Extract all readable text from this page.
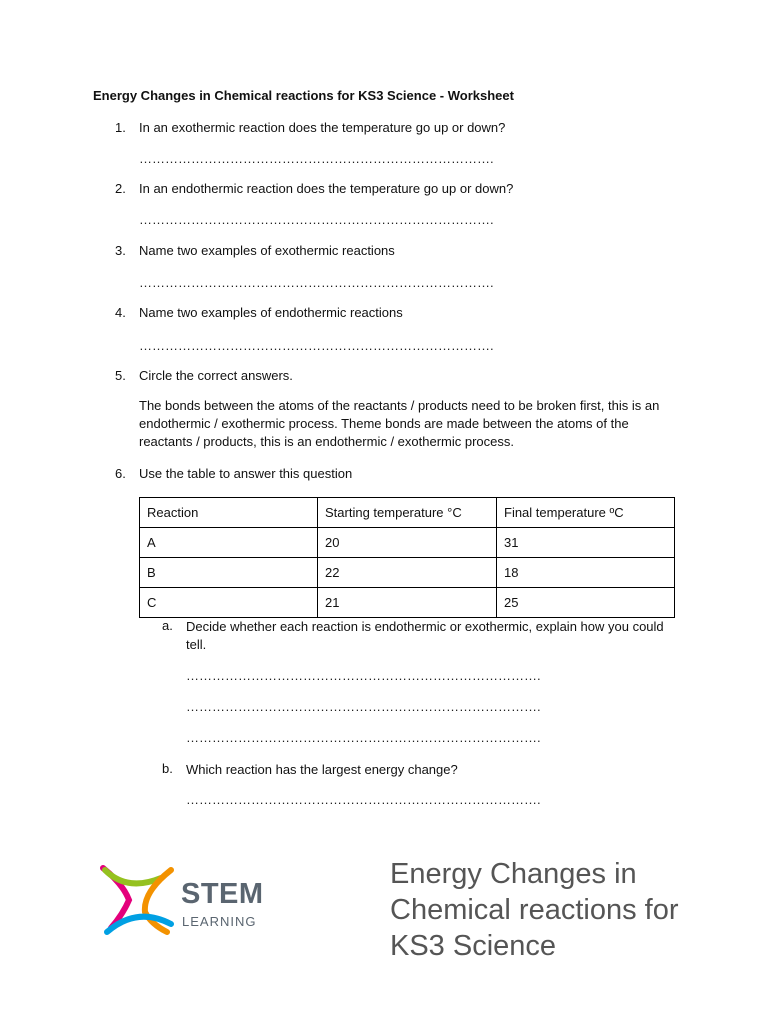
Energy Changes in Chemical reactions for KS3 Science - Worksheet
1. In an exothermic reaction does the temperature go up or down?
……………………………………………………………………….
2. In an endothermic reaction does the temperature go up or down?
……………………………………………………………………….
3. Name two examples of exothermic reactions
……………………………………………………………………….
4. Name two examples of endothermic reactions
……………………………………………………………………….
5. Circle the correct answers.
The bonds between the atoms of the reactants / products need to be broken first, this is an endothermic / exothermic process. Theme bonds are made between the atoms of the reactants / products, this is an endothermic / exothermic process.
6. Use the table to answer this question
Reaction	Starting temperature °C	Final temperature ºC
A	20	31
B	22	18
C	21	25
a. Decide whether each reaction is endothermic or exothermic, explain how you could tell.
……………………………………………………………………….
……………………………………………………………………….
……………………………………………………………………….
b. Which reaction has the largest energy change?
……………………………………………………………………….
STEM
LEARNING
Energy Changes in Chemical reactions for KS3 Science
